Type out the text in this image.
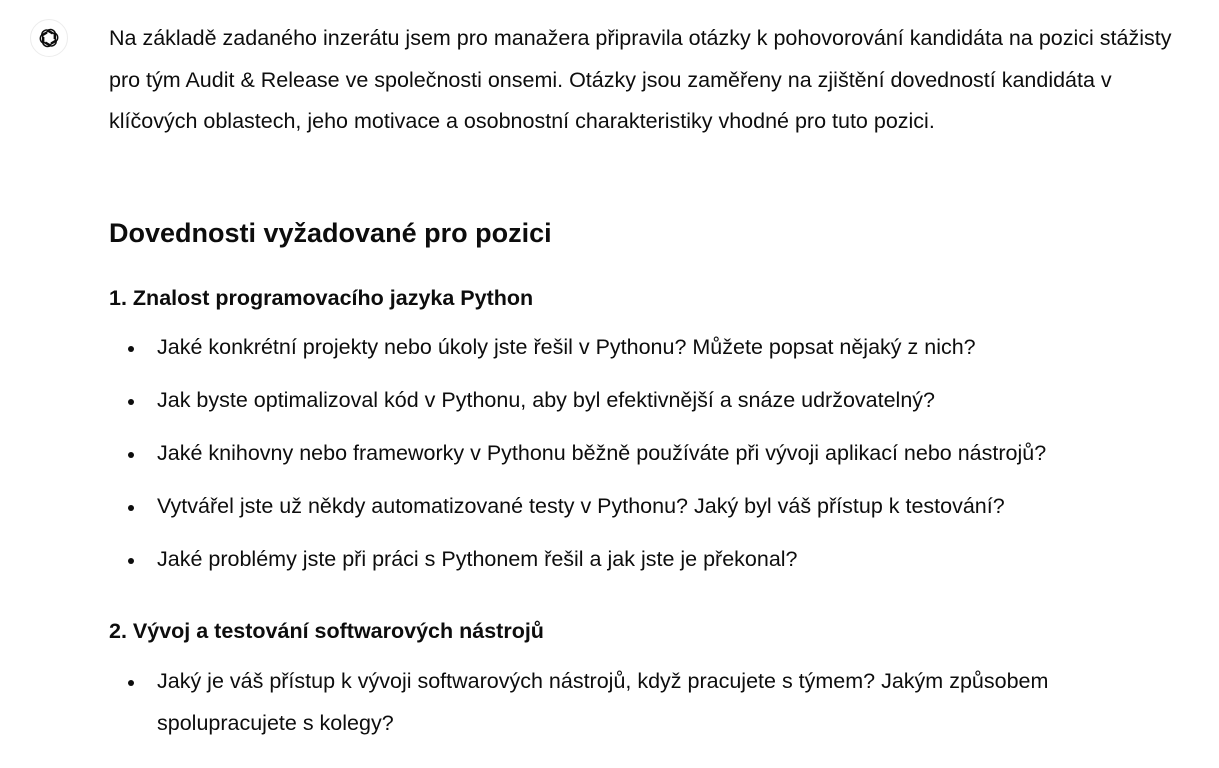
Na základě zadaného inzerátu jsem pro manažera připravila otázky k pohovorování kandidáta na pozici stážisty pro tým Audit & Release ve společnosti onsemi. Otázky jsou zaměřeny na zjištění dovedností kandidáta v klíčových oblastech, jeho motivace a osobnostní charakteristiky vhodné pro tuto pozici.

Dovednosti vyžadované pro pozici
1. Znalost programovacího jazyka Python
Jaké konkrétní projekty nebo úkoly jste řešil v Pythonu? Můžete popsat nějaký z nich?
Jak byste optimalizoval kód v Pythonu, aby byl efektivnější a snáze udržovatelný?
Jaké knihovny nebo frameworky v Pythonu běžně používáte při vývoji aplikací nebo nástrojů?
Vytvářel jste už někdy automatizované testy v Pythonu? Jaký byl váš přístup k testování?
Jaké problémy jste při práci s Pythonem řešil a jak jste je překonal?
2. Vývoj a testování softwarových nástrojů
Jaký je váš přístup k vývoji softwarových nástrojů, když pracujete s týmem? Jakým způsobem spolupracujete s kolegy?
